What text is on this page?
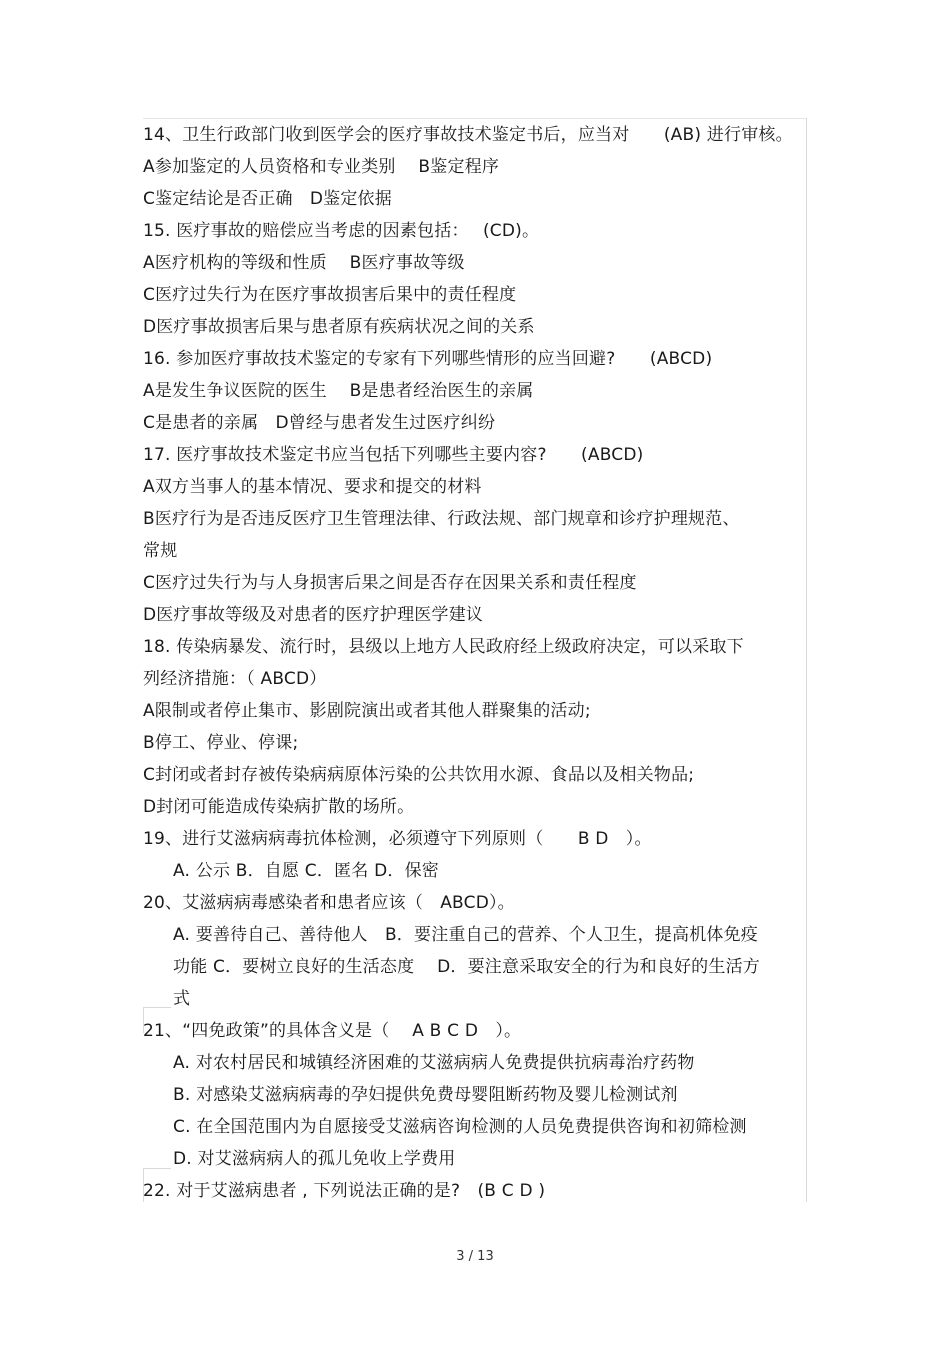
14、卫生行政部门收到医学会的医疗事故技术鉴定书后，应当对　　(AB) 进行审核。
A参加鉴定的人员资格和专业类别　 B鉴定程序
C鉴定结论是否正确　D鉴定依据
15. 医疗事故的赔偿应当考虑的因素包括：　 (CD)。
A医疗机构的等级和性质　 B医疗事故等级
C医疗过失行为在医疗事故损害后果中的责任程度
D医疗事故损害后果与患者原有疾病状况之间的关系
16. 参加医疗事故技术鉴定的专家有下列哪些情形的应当回避?　　(ABCD)
A是发生争议医院的医生　 B是患者经治医生的亲属
C是患者的亲属　D曾经与患者发生过医疗纠纷
17. 医疗事故技术鉴定书应当包括下列哪些主要内容?　　(ABCD)
A双方当事人的基本情况、要求和提交的材料
B医疗行为是否违反医疗卫生管理法律、行政法规、部门规章和诊疗护理规范、
常规
C医疗过失行为与人身损害后果之间是否存在因果关系和责任程度
D医疗事故等级及对患者的医疗护理医学建议
18. 传染病暴发、流行时，县级以上地方人民政府经上级政府决定，可以采取下
列经济措施：（ ABCD）
A限制或者停止集市、影剧院演出或者其他人群聚集的活动;
B停工、停业、停课;
C封闭或者封存被传染病病原体污染的公共饮用水源、食品以及相关物品;
D封闭可能造成传染病扩散的场所。
19、进行艾滋病病毒抗体检测，必须遵守下列原则（　　B D　）。
A. 公示 B．自愿 C．匿名 D．保密
20、艾滋病病毒感染者和患者应该（　ABCD）。
A. 要善待自己、善待他人　B．要注重自己的营养、个人卫生，提高机体免疫
功能 C．要树立良好的生活态度　 D．要注意采取安全的行为和良好的生活方
式
21、“四免政策”的具体含义是（　 A B C D　）。
A. 对农村居民和城镇经济困难的艾滋病病人免费提供抗病毒治疗药物
B. 对感染艾滋病病毒的孕妇提供免费母婴阻断药物及婴儿检测试剂
C. 在全国范围内为自愿接受艾滋病咨询检测的人员免费提供咨询和初筛检测
D. 对艾滋病病人的孤儿免收上学费用
22. 对于艾滋病患者 , 下列说法正确的是?　(B C D )
3 / 13
